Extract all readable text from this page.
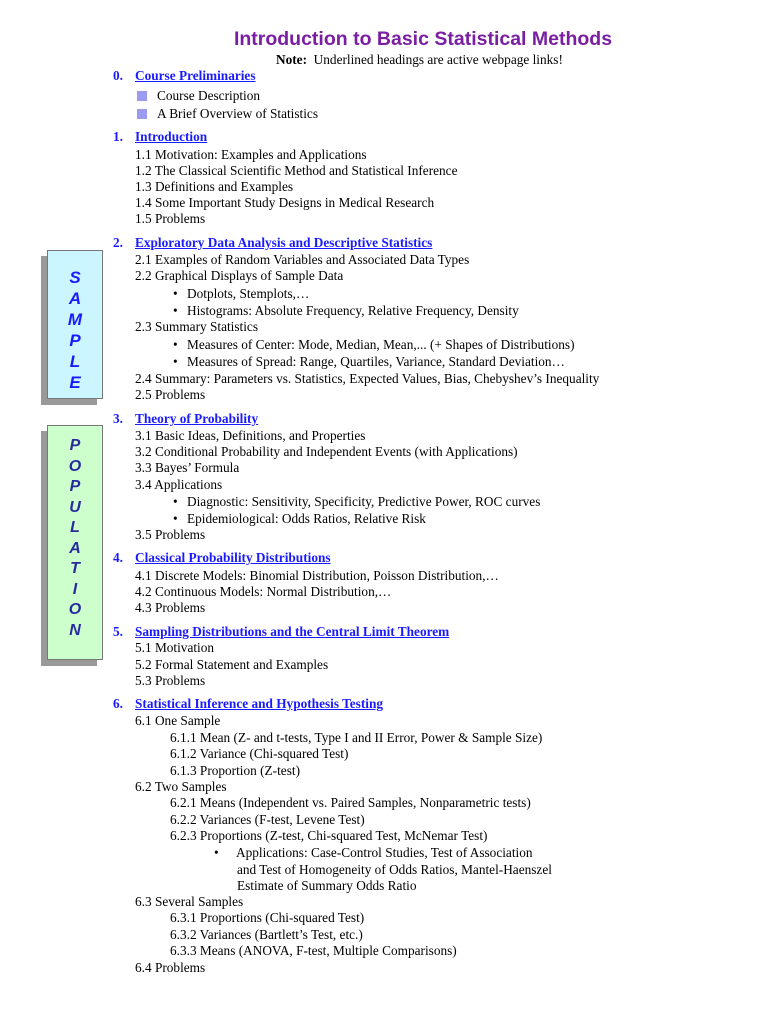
Introduction to Basic Statistical Methods
Note: Underlined headings are active webpage links!
S
A
M
P
L
E
P
O
P
U
L
A
T
I
O
N
0. Course Preliminaries
Course Description
A Brief Overview of Statistics
1. Introduction
1.1 Motivation: Examples and Applications
1.2 The Classical Scientific Method and Statistical Inference
1.3 Definitions and Examples
1.4 Some Important Study Designs in Medical Research
1.5 Problems
2. Exploratory Data Analysis and Descriptive Statistics
2.1 Examples of Random Variables and Associated Data Types
2.2 Graphical Displays of Sample Data
• Dotplots, Stemplots,…
• Histograms: Absolute Frequency, Relative Frequency, Density
2.3 Summary Statistics
• Measures of Center: Mode, Median, Mean,... (+ Shapes of Distributions)
• Measures of Spread: Range, Quartiles, Variance, Standard Deviation…
2.4 Summary: Parameters vs. Statistics, Expected Values, Bias, Chebyshev’s Inequality
2.5 Problems
3. Theory of Probability
3.1 Basic Ideas, Definitions, and Properties
3.2 Conditional Probability and Independent Events (with Applications)
3.3 Bayes’ Formula
3.4 Applications
• Diagnostic: Sensitivity, Specificity, Predictive Power, ROC curves
• Epidemiological: Odds Ratios, Relative Risk
3.5 Problems
4. Classical Probability Distributions
4.1 Discrete Models: Binomial Distribution, Poisson Distribution,…
4.2 Continuous Models: Normal Distribution,…
4.3 Problems
5. Sampling Distributions and the Central Limit Theorem
5.1 Motivation
5.2 Formal Statement and Examples
5.3 Problems
6. Statistical Inference and Hypothesis Testing
6.1 One Sample
6.1.1 Mean (Z- and t-tests, Type I and II Error, Power & Sample Size)
6.1.2 Variance (Chi-squared Test)
6.1.3 Proportion (Z-test)
6.2 Two Samples
6.2.1 Means (Independent vs. Paired Samples, Nonparametric tests)
6.2.2 Variances (F-test, Levene Test)
6.2.3 Proportions (Z-test, Chi-squared Test, McNemar Test)
• Applications: Case-Control Studies, Test of Association
and Test of Homogeneity of Odds Ratios, Mantel-Haenszel
Estimate of Summary Odds Ratio
6.3 Several Samples
6.3.1 Proportions (Chi-squared Test)
6.3.2 Variances (Bartlett’s Test, etc.)
6.3.3 Means (ANOVA, F-test, Multiple Comparisons)
6.4 Problems
